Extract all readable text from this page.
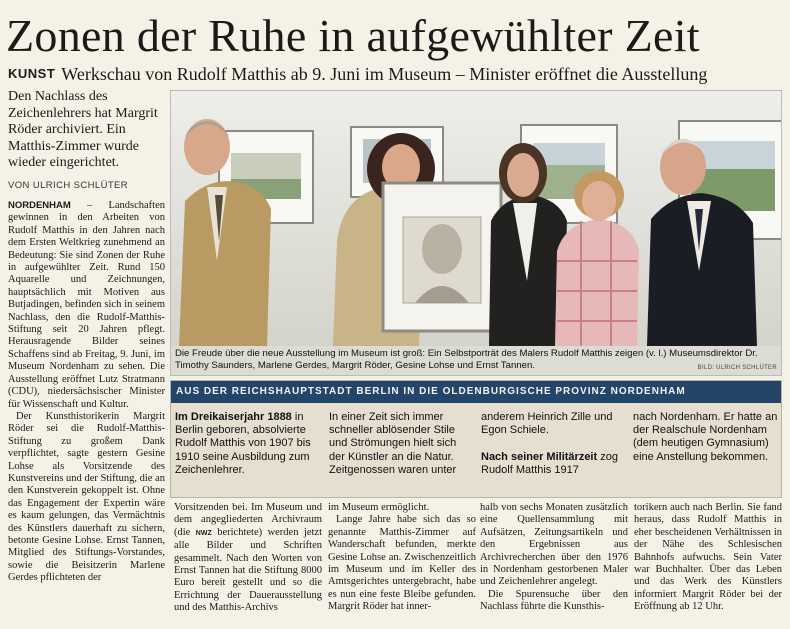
Zonen der Ruhe in aufgewühlter Zeit
KUNST Werkschau von Rudolf Matthis ab 9. Juni im Museum – Minister eröffnet die Ausstellung
Den Nachlass des Zeichenlehrers hat Margrit Röder archiviert. Ein Matthis-Zimmer wurde wieder eingerichtet.
VON ULRICH SCHLÜTER

NORDENHAM – Landschaften gewinnen in den Arbeiten von Rudolf Matthis in den Jahren nach dem Ersten Weltkrieg zunehmend an Bedeutung: Sie sind Zonen der Ruhe in aufgewühlter Zeit. Rund 150 Aquarelle und Zeichnungen, hauptsächlich mit Motiven aus Butjadingen, befinden sich in seinem Nachlass, den die Rudolf-Matthis-Stiftung seit 20 Jahren pflegt. Herausragende Bilder seines Schaffens sind ab Freitag, 9. Juni, im Museum Nordenham zu sehen. Die Ausstellung eröffnet Lutz Stratmann (CDU), niedersächsischer Minister für Wissenschaft und Kultur.

Der Kunsthistorikerin Margrit Röder sei die Rudolf-Matthis-Stiftung zu großem Dank verpflichtet, sagte gestern Gesine Lohse als Vorsitzende des Kunstvereins und der Stiftung, die an den Kunstverein gekoppelt ist. Ohne das Engagement der Expertin wäre es kaum gelungen, das Vermächtnis des Künstlers dauerhaft zu sichern, betonte Gesine Lohse. Ernst Tannen, Mitglied des Stiftungs-Vorstandes, sowie die Beisitzerin Marlene Gerdes pflichteten der

Die Freude über die neue Ausstellung im Museum ist groß: Ein Selbstporträt des Malers Rudolf Matthis zeigen (v. l.) Museumsdirektor Dr. Timothy Saunders, Marlene Gerdes, Margrit Röder, Gesine Lohse und Ernst Tannen.	BILD: ULRICH SCHLÜTER
AUS DER REICHSHAUPTSTADT BERLIN IN DIE OLDENBURGISCHE PROVINZ NORDENHAM
Im Dreikaiserjahr 1888 in Berlin geboren, absolvierte Rudolf Matthis von 1907 bis 1910 seine Ausbildung zum Zeichenlehrer.
In einer Zeit sich immer schneller ablösender Stile und Strömungen hielt sich der Künstler an die Natur. Zeitgenossen waren unter
anderem Heinrich Zille und Egon Schiele.

Nach seiner Militärzeit zog Rudolf Matthis 1917
nach Nordenham. Er hatte an der Realschule Nordenham (dem heutigen Gymnasium) eine Anstellung bekommen.

Vorsitzenden bei. Im Museum und dem angegliederten Archivraum (die NWZ berichtete) werden jetzt alle Bilder und Schriften gesammelt. Nach den Worten von Ernst Tannen hat die Stiftung 8000 Euro bereit gestellt und so die Errichtung der Dauerausstellung und des Matthis-Archivs

im Museum ermöglicht.

Lange Jahre habe sich das so genannte Matthis-Zimmer auf Wanderschaft befunden, merkte Gesine Lohse an. Zwischenzeitlich im Museum und im Keller des Amtsgerichtes untergebracht, habe es nun eine feste Bleibe gefunden. Margrit Röder hat inner-

halb von sechs Monaten zusätzlich eine Quellensammlung mit Aufsätzen, Zeitungsartikeln und den Ergebnissen aus Archivrecherchen über den 1976 in Nordenham gestorbenen Maler und Zeichenlehrer angelegt.

Die Spurensuche über den Nachlass führte die Kunsthis-

torikern auch nach Berlin. Sie fand heraus, dass Rudolf Matthis in eher bescheidenen Verhältnissen in der Nähe des Schlesischen Bahnhofs aufwuchs. Sein Vater war Buchhalter. Über das Leben und das Werk des Künstlers informiert Margrit Röder bei der Eröffnung ab 12 Uhr.
